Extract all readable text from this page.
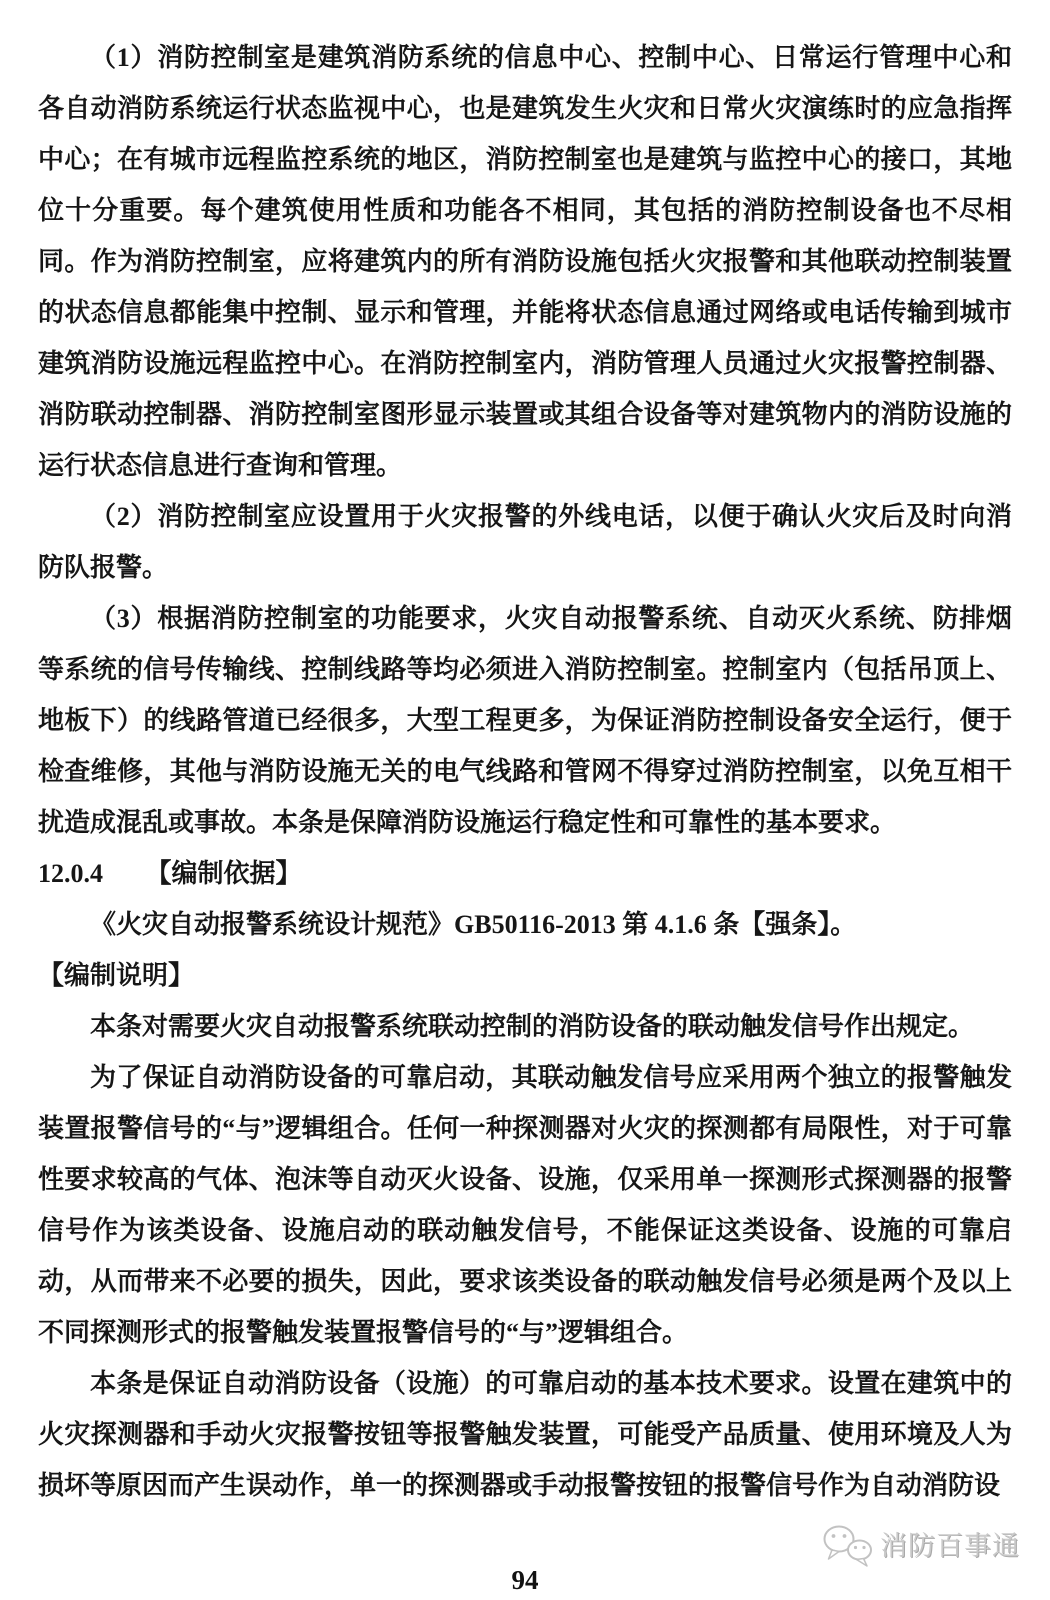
（1）消防控制室是建筑消防系统的信息中心、控制中心、日常运行管理中心和各自动消防系统运行状态监视中心，也是建筑发生火灾和日常火灾演练时的应急指挥中心；在有城市远程监控系统的地区，消防控制室也是建筑与监控中心的接口，其地位十分重要。每个建筑使用性质和功能各不相同，其包括的消防控制设备也不尽相同。作为消防控制室，应将建筑内的所有消防设施包括火灾报警和其他联动控制装置的状态信息都能集中控制、显示和管理，并能将状态信息通过网络或电话传输到城市建筑消防设施远程监控中心。在消防控制室内，消防管理人员通过火灾报警控制器、消防联动控制器、消防控制室图形显示装置或其组合设备等对建筑物内的消防设施的运行状态信息进行查询和管理。

（2）消防控制室应设置用于火灾报警的外线电话，以便于确认火灾后及时向消防队报警。

（3）根据消防控制室的功能要求，火灾自动报警系统、自动灭火系统、防排烟等系统的信号传输线、控制线路等均必须进入消防控制室。控制室内（包括吊顶上、地板下）的线路管道已经很多，大型工程更多，为保证消防控制设备安全运行，便于检查维修，其他与消防设施无关的电气线路和管网不得穿过消防控制室，以免互相干扰造成混乱或事故。本条是保障消防设施运行稳定性和可靠性的基本要求。

12.0.4 【编制依据】

《火灾自动报警系统设计规范》GB50116-2013 第 4.1.6 条【强条】。

【编制说明】

本条对需要火灾自动报警系统联动控制的消防设备的联动触发信号作出规定。

为了保证自动消防设备的可靠启动，其联动触发信号应采用两个独立的报警触发装置报警信号的“与”逻辑组合。任何一种探测器对火灾的探测都有局限性，对于可靠性要求较高的气体、泡沫等自动灭火设备、设施，仅采用单一探测形式探测器的报警信号作为该类设备、设施启动的联动触发信号，不能保证这类设备、设施的可靠启动，从而带来不必要的损失，因此，要求该类设备的联动触发信号必须是两个及以上不同探测形式的报警触发装置报警信号的“与”逻辑组合。

本条是保证自动消防设备（设施）的可靠启动的基本技术要求。设置在建筑中的火灾探测器和手动火灾报警按钮等报警触发装置，可能受产品质量、使用环境及人为损坏等原因而产生误动作，单一的探测器或手动报警按钮的报警信号作为自动消防设

消防百事通
94
